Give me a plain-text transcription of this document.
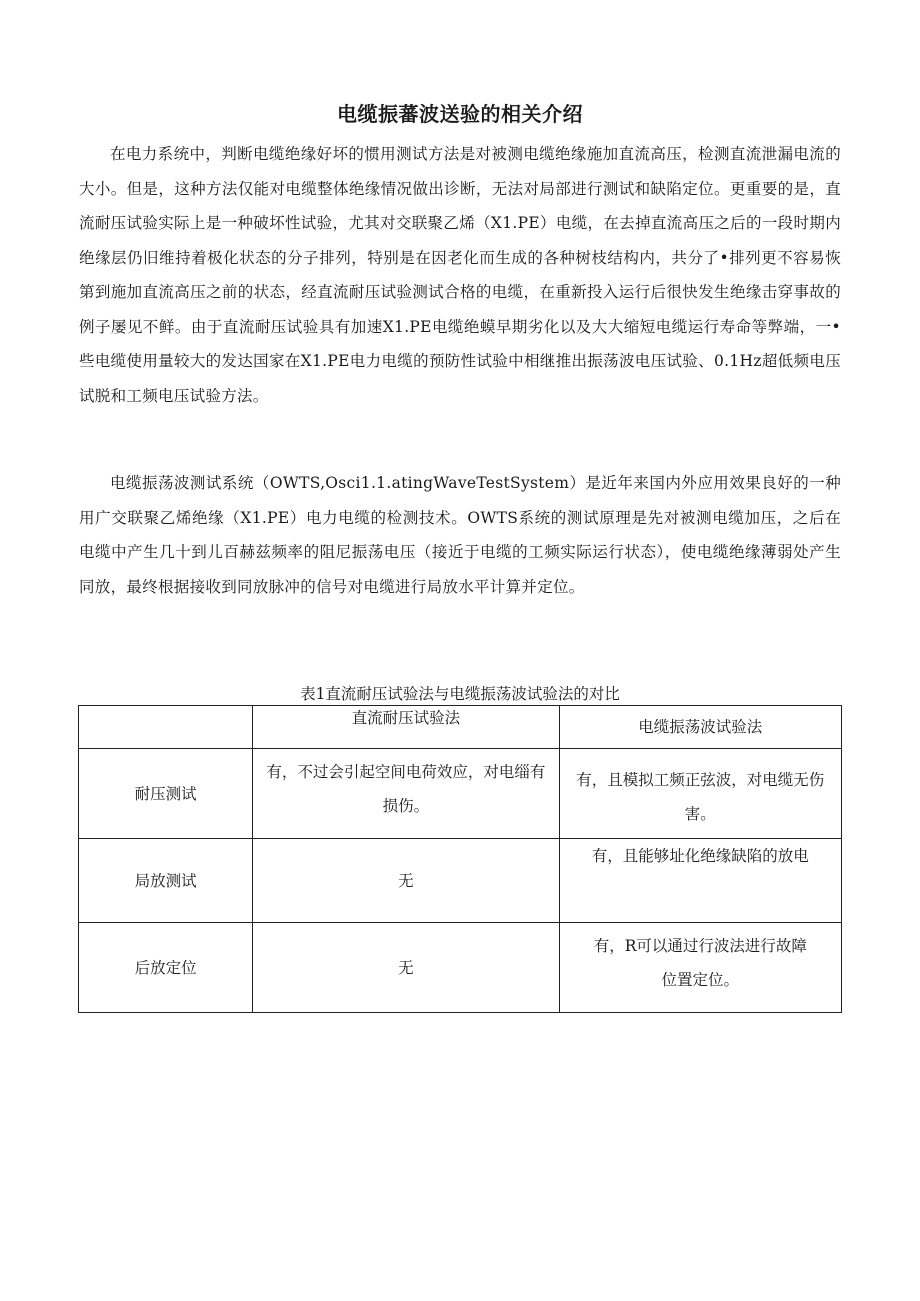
电缆振蕃波送验的相关介绍

在电力系统中，判断电缆绝缘好坏的惯用测试方法是对被测电缆绝缘施加直流高压，检测直流泄漏电流的大小。但是，这种方法仅能对电缆整体绝缘情况做出诊断，无法对局部进行测试和缺陷定位。更重要的是，直流耐压试验实际上是一种破坏性试验，尤其对交联聚乙烯（X1.PE）电缆，在去掉直流高压之后的一段时期内绝缘层仍旧维持着极化状态的分子排列，特别是在因老化而生成的各种树枝结构内，共分了•排列更不容易恢第到施加直流高压之前的状态，经直流耐压试验测试合格的电缆，在重新投入运行后很快发生绝缘击穿事故的例子屡见不鲜。由于直流耐压试验具有加速X1.PE电缆绝蟆早期劣化以及大大缩短电缆运行寿命等弊端，一•些电缆使用量较大的发达国家在X1.PE电力电缆的预防性试验中相继推出振荡波电压试验、0.1Hz超低频电压试脱和工频电压试验方法。

电缆振荡波测试系统（OWTS,Osci1.1.atingWaveTestSystem）是近年来国内外应用效果良好的一种用广交联聚乙烯绝缘（X1.PE）电力电缆的检测技术。OWTS系统的测试原理是先对被测电缆加压，之后在电缆中产生几十到儿百赫兹频率的阻尼振荡电压（接近于电缆的工频实际运行状态），使电缆绝缘薄弱处产生同放，最终根据接收到同放脉冲的信号对电缆进行局放水平计算并定位。

表1直流耐压试验法与电缆振荡波试验法的对比
	直流耐压试验法	电缆振荡波试验法
耐压测试	有，不过会引起空间电荷效应，对电缁有损伤。	有，且模拟工频正弦波，对电缆无伤害。
局放测试	无	有，且能够址化绝缘缺陷的放电
后放定位	无	有，R可以通过行波法进行故障位置定位。
